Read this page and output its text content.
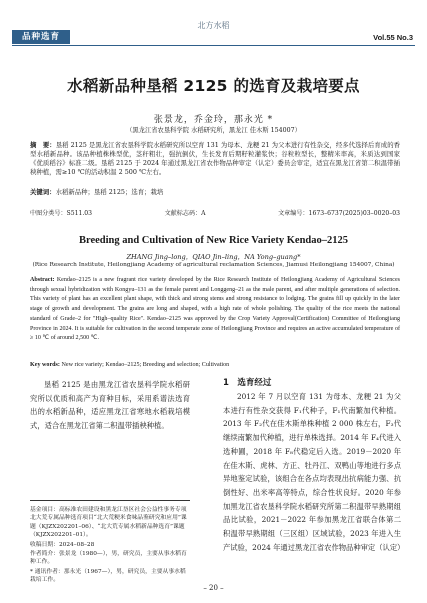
品种选育
北方水稻
Vol.55 No.3
水稻新品种垦稻 2125 的选育及栽培要点
张景龙，乔金玲，那永光 *
（黑龙江省农垦科学院 水稻研究所，黑龙江 佳木斯 154007）
摘　要：垦稻 2125 是黑龙江省农垦科学院水稻研究所以空育 131 为母本、龙粳 21 为父本进行有性杂交，经多代选择后育成的香型水稻新品种。该品种植株株型优，茎秆粗壮，强抗倒伏，生长发育后期籽粒灌浆快；谷粒粒型长，整精米率高，米质达到国家《优质稻谷》标准二级。垦稻 2125 于 2024 年通过黑龙江省农作物品种审定（认定）委员会审定，适宜在黑龙江省第二积温带插秧种植，需≥10 ℃的活动积温 2 500 ℃左右。
关键词：水稻新品种；垦稻 2125；选育；栽培
中图分类号：S511.03	文献标志码：A	文章编号：1673–6737(2025)03–0020–03
Breeding and Cultivation of New Rice Variety Kendao–2125
ZHANG Jing–long，QIAO Jin–ling，NA Yong–guang*
(Rice Research Institute, Heilongjiang Academy of agricultural reclamation Sciences, Jiamusi Heilongjiang 154007, China)
Abstract: Kendao–2125 is a new fragrant rice variety developed by the Rice Research Institute of Heilongjiang Academy of Agricultural Sciences through sexual hybridization with Kongyu–131 as the female parent and Longgeng–21 as the male parent, and after multiple generations of selection. This variety of plant has an excellent plant shape, with thick and strong stems and strong resistance to lodging. The grains fill up quickly in the later stage of growth and development. The grains are long and shaped, with a high rate of whole polishing. The quality of the rice meets the national standard of Grade–2 for "High–quality Rice". Kendao–2125 was approved by the Crop Variety Approval(Certification) Committee of Heilongjiang Province in 2024. It is suitable for cultivation in the second temperate zone of Heilongjiang Province and requires an active accumulated temperature of ≥ 10 ℃ of around 2,500 ℃.
Key words: New rice variety; Kendao–2125; Breeding and selection; Cultivation

垦稻 2125 是由黑龙江省农垦科学院水稻研究所以优质和高产为育种目标，采用系谱法选育出的水稻新品种，适应黑龙江省寒地水稻栽培模式，适合在黑龙江省第二积温带插秧种植。

基金项目：高标准农田建设和黑龙江垦区社会公益性事务专项北大荒专属品种选育项目“北大荒粳米食味品鉴研究和应用”课题（KJZX202201–06）、“北大荒专属水稻新品种选育”课题（KJZX202201–01）。
收稿日期：2024–08–28
作者简介：张景龙（1980—），男，研究员，主要从事水稻育种工作。
* 通讯作者：那永光（1967—），男，研究员，主要从事水稻栽培工作。
1　选育经过

2012 年 7 月以空育 131 为母本、龙粳 21 为父本进行有性杂交获得 F₁代种子，F₁代南繁加代种植。2013 年 F₂代在佳木斯单株种植 2 000 株左右，F₃代继续南繁加代种植，进行单株选择。2014 年 F₄代进入选种圃，2018 年 F₈代稳定后入选。2019－2020 年在佳木斯、虎林、方正、牡丹江、双鸭山等地进行多点异地鉴定试验，该组合在各点均表现出抗病能力强、抗倒性好、出米率高等特点，综合性状良好。2020 年参加黑龙江省农垦科学院水稻研究所第二积温带早熟期组品比试验，2021－2022 年参加黑龙江省联合体第二积温带早熟期组（三区组）区域试验，2023 年进入生产试验，2024 年通过黑龙江省农作物品种审定（认定）

– 20 –
